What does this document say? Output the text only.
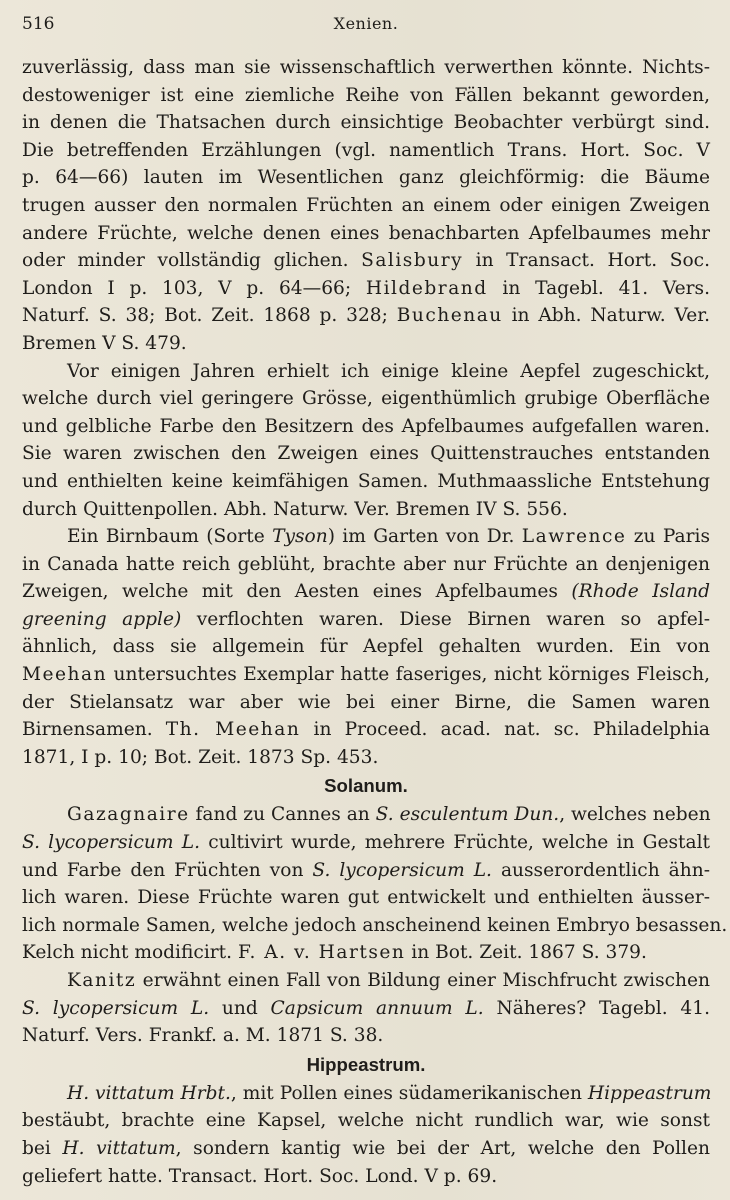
516	Xenien.
zuverlässig, dass man sie wissenschaftlich verwerthen könnte. Nichts-
destoweniger ist eine ziemliche Reihe von Fällen bekannt geworden,
in denen die Thatsachen durch einsichtige Beobachter verbürgt sind.
Die betreffenden Erzählungen (vgl. namentlich Trans. Hort. Soc. V
p. 64—66) lauten im Wesentlichen ganz gleichförmig: die Bäume
trugen ausser den normalen Früchten an einem oder einigen Zweigen
andere Früchte, welche denen eines benachbarten Apfelbaumes mehr
oder minder vollständig glichen. Salisbury in Transact. Hort. Soc.
London I p. 103, V p. 64—66; Hildebrand in Tagebl. 41. Vers.
Naturf. S. 38; Bot. Zeit. 1868 p. 328; Buchenau in Abh. Naturw. Ver.
Bremen V S. 479.
Vor einigen Jahren erhielt ich einige kleine Aepfel zugeschickt,
welche durch viel geringere Grösse, eigenthümlich grubige Oberfläche
und gelbliche Farbe den Besitzern des Apfelbaumes aufgefallen waren.
Sie waren zwischen den Zweigen eines Quittenstrauches entstanden
und enthielten keine keimfähigen Samen. Muthmaassliche Entstehung
durch Quittenpollen. Abh. Naturw. Ver. Bremen IV S. 556.
Ein Birnbaum (Sorte Tyson) im Garten von Dr. Lawrence zu Paris
in Canada hatte reich geblüht, brachte aber nur Früchte an denjenigen
Zweigen, welche mit den Aesten eines Apfelbaumes (Rhode Island
greening apple) verflochten waren. Diese Birnen waren so apfel-
ähnlich, dass sie allgemein für Aepfel gehalten wurden. Ein von
Meehan untersuchtes Exemplar hatte faseriges, nicht körniges Fleisch,
der Stielansatz war aber wie bei einer Birne, die Samen waren
Birnensamen. Th. Meehan in Proceed. acad. nat. sc. Philadelphia
1871, I p. 10; Bot. Zeit. 1873 Sp. 453.
Solanum.
Gazagnaire fand zu Cannes an S. esculentum Dun., welches neben
S. lycopersicum L. cultivirt wurde, mehrere Früchte, welche in Gestalt
und Farbe den Früchten von S. lycopersicum L. ausserordentlich ähn-
lich waren. Diese Früchte waren gut entwickelt und enthielten äusser-
lich normale Samen, welche jedoch anscheinend keinen Embryo besassen.
Kelch nicht modificirt. F. A. v. Hartsen in Bot. Zeit. 1867 S. 379.
Kanitz erwähnt einen Fall von Bildung einer Mischfrucht zwischen
S. lycopersicum L. und Capsicum annuum L. Näheres? Tagebl. 41.
Naturf. Vers. Frankf. a. M. 1871 S. 38.
Hippeastrum.
H. vittatum Hrbt., mit Pollen eines südamerikanischen Hippeastrum
bestäubt, brachte eine Kapsel, welche nicht rundlich war, wie sonst
bei H. vittatum, sondern kantig wie bei der Art, welche den Pollen
geliefert hatte. Transact. Hort. Soc. Lond. V p. 69.
